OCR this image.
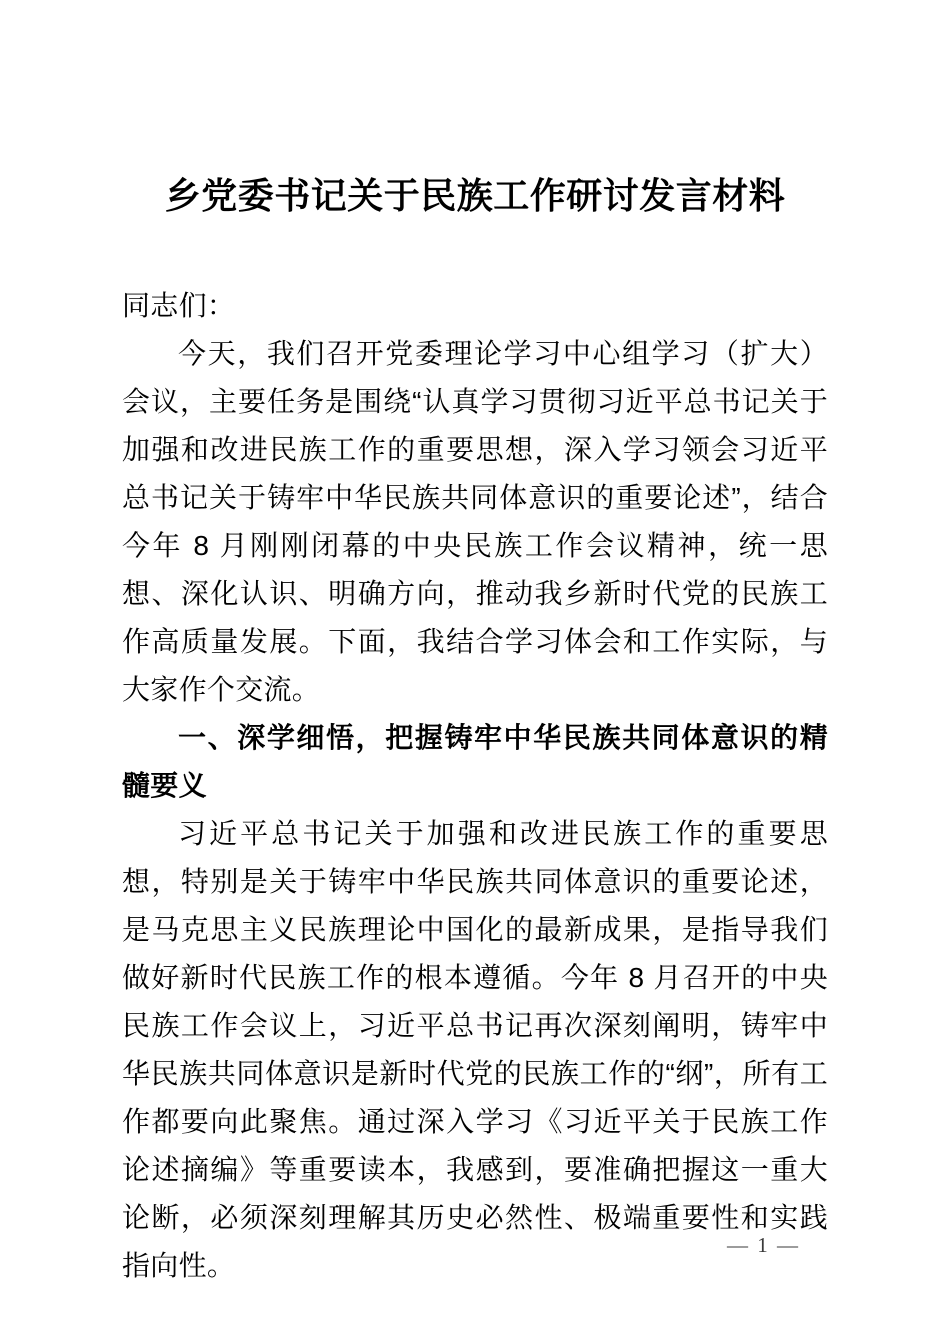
乡党委书记关于民族工作研讨发言材料

同志们：

今天，我们召开党委理论学习中心组学习（扩大）会议，主要任务是围绕“认真学习贯彻习近平总书记关于加强和改进民族工作的重要思想，深入学习领会习近平总书记关于铸牢中华民族共同体意识的重要论述”，结合今年 8 月刚刚闭幕的中央民族工作会议精神，统一思想、深化认识、明确方向，推动我乡新时代党的民族工作高质量发展。下面，我结合学习体会和工作实际，与大家作个交流。

一、深学细悟，把握铸牢中华民族共同体意识的精髓要义

习近平总书记关于加强和改进民族工作的重要思想，特别是关于铸牢中华民族共同体意识的重要论述，是马克思主义民族理论中国化的最新成果，是指导我们做好新时代民族工作的根本遵循。今年 8 月召开的中央民族工作会议上，习近平总书记再次深刻阐明，铸牢中华民族共同体意识是新时代党的民族工作的“纲”，所有工作都要向此聚焦。通过深入学习《习近平关于民族工作论述摘编》等重要读本，我感到，要准确把握这一重大论断，必须深刻理解其历史必然性、极端重要性和实践指向性。

— 1 —
